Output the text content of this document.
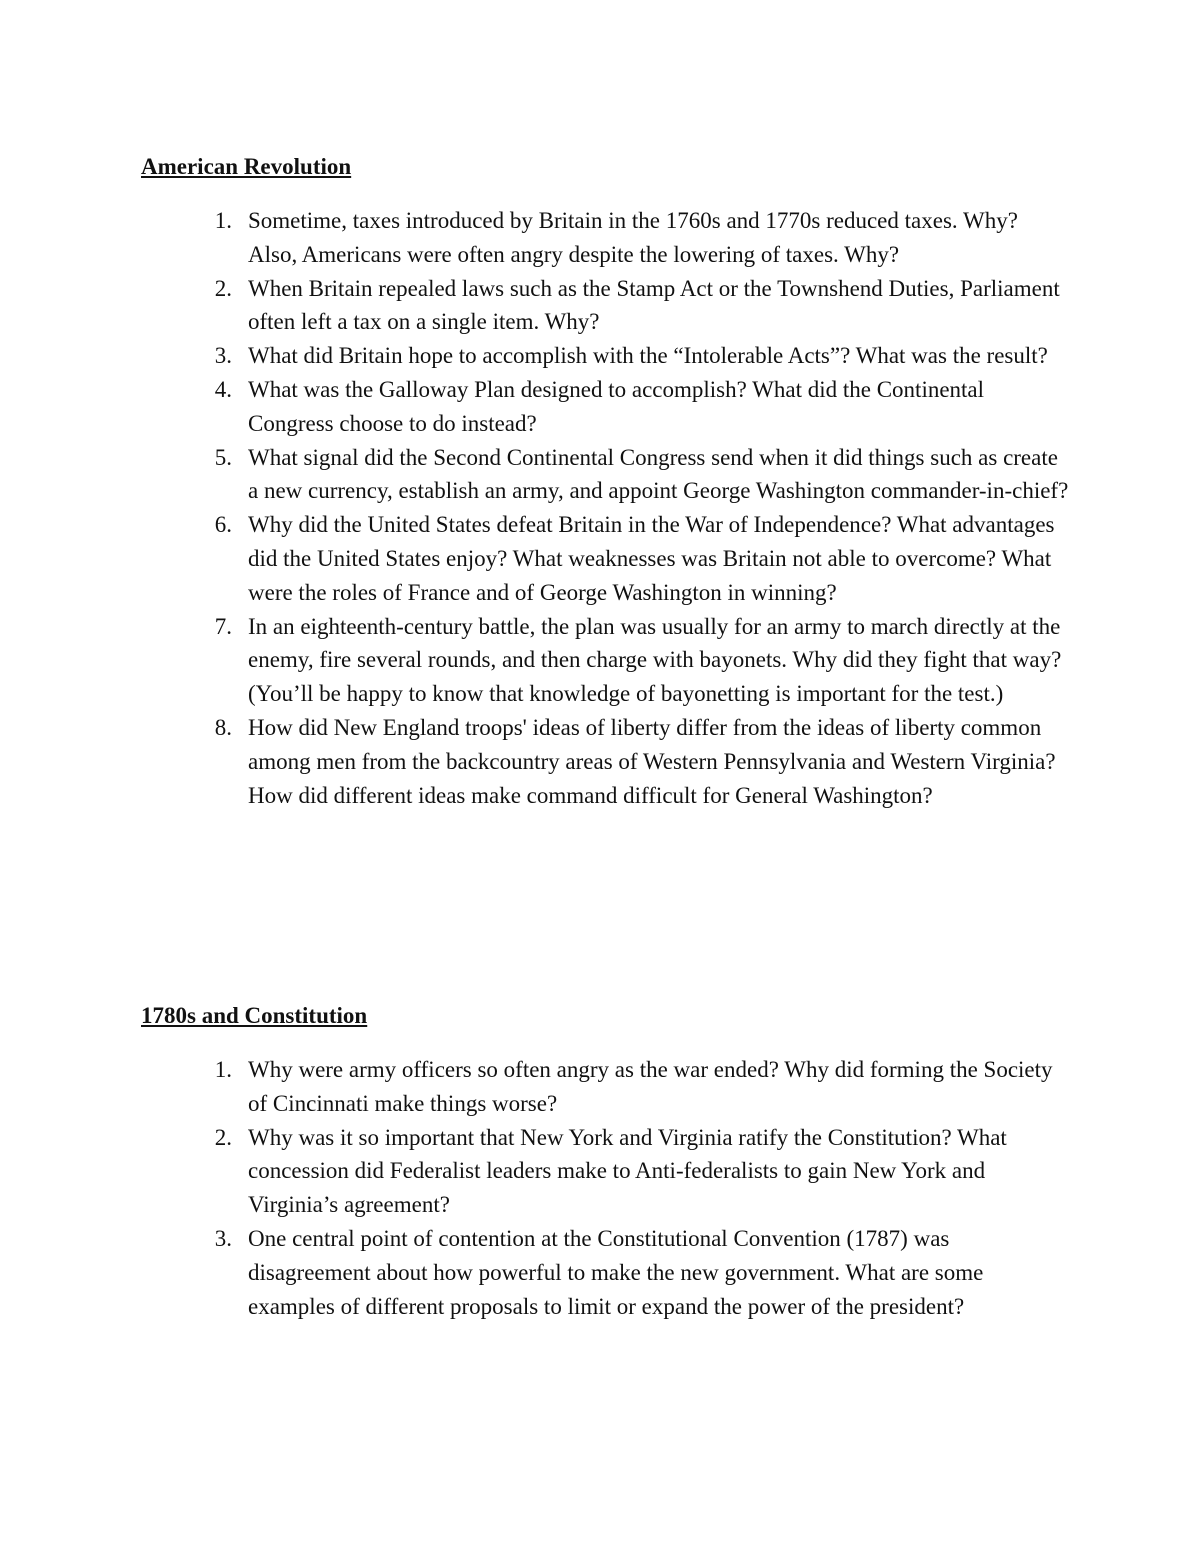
American Revolution
1. Sometime, taxes introduced by Britain in the 1760s and 1770s reduced taxes. Why? Also, Americans were often angry despite the lowering of taxes. Why?
2. When Britain repealed laws such as the Stamp Act or the Townshend Duties, Parliament often left a tax on a single item. Why?
3. What did Britain hope to accomplish with the “Intolerable Acts”? What was the result?
4. What was the Galloway Plan designed to accomplish? What did the Continental Congress choose to do instead?
5. What signal did the Second Continental Congress send when it did things such as create a new currency, establish an army, and appoint George Washington commander-in-chief?
6. Why did the United States defeat Britain in the War of Independence? What advantages did the United States enjoy? What weaknesses was Britain not able to overcome? What were the roles of France and of George Washington in winning?
7. In an eighteenth-century battle, the plan was usually for an army to march directly at the enemy, fire several rounds, and then charge with bayonets. Why did they fight that way? (You’ll be happy to know that knowledge of bayonetting is important for the test.)
8. How did New England troops' ideas of liberty differ from the ideas of liberty common among men from the backcountry areas of Western Pennsylvania and Western Virginia? How did different ideas make command difficult for General Washington?
1780s and Constitution
1. Why were army officers so often angry as the war ended? Why did forming the Society of Cincinnati make things worse?
2. Why was it so important that New York and Virginia ratify the Constitution? What concession did Federalist leaders make to Anti-federalists to gain New York and Virginia’s agreement?
3. One central point of contention at the Constitutional Convention (1787) was disagreement about how powerful to make the new government. What are some examples of different proposals to limit or expand the power of the president?
